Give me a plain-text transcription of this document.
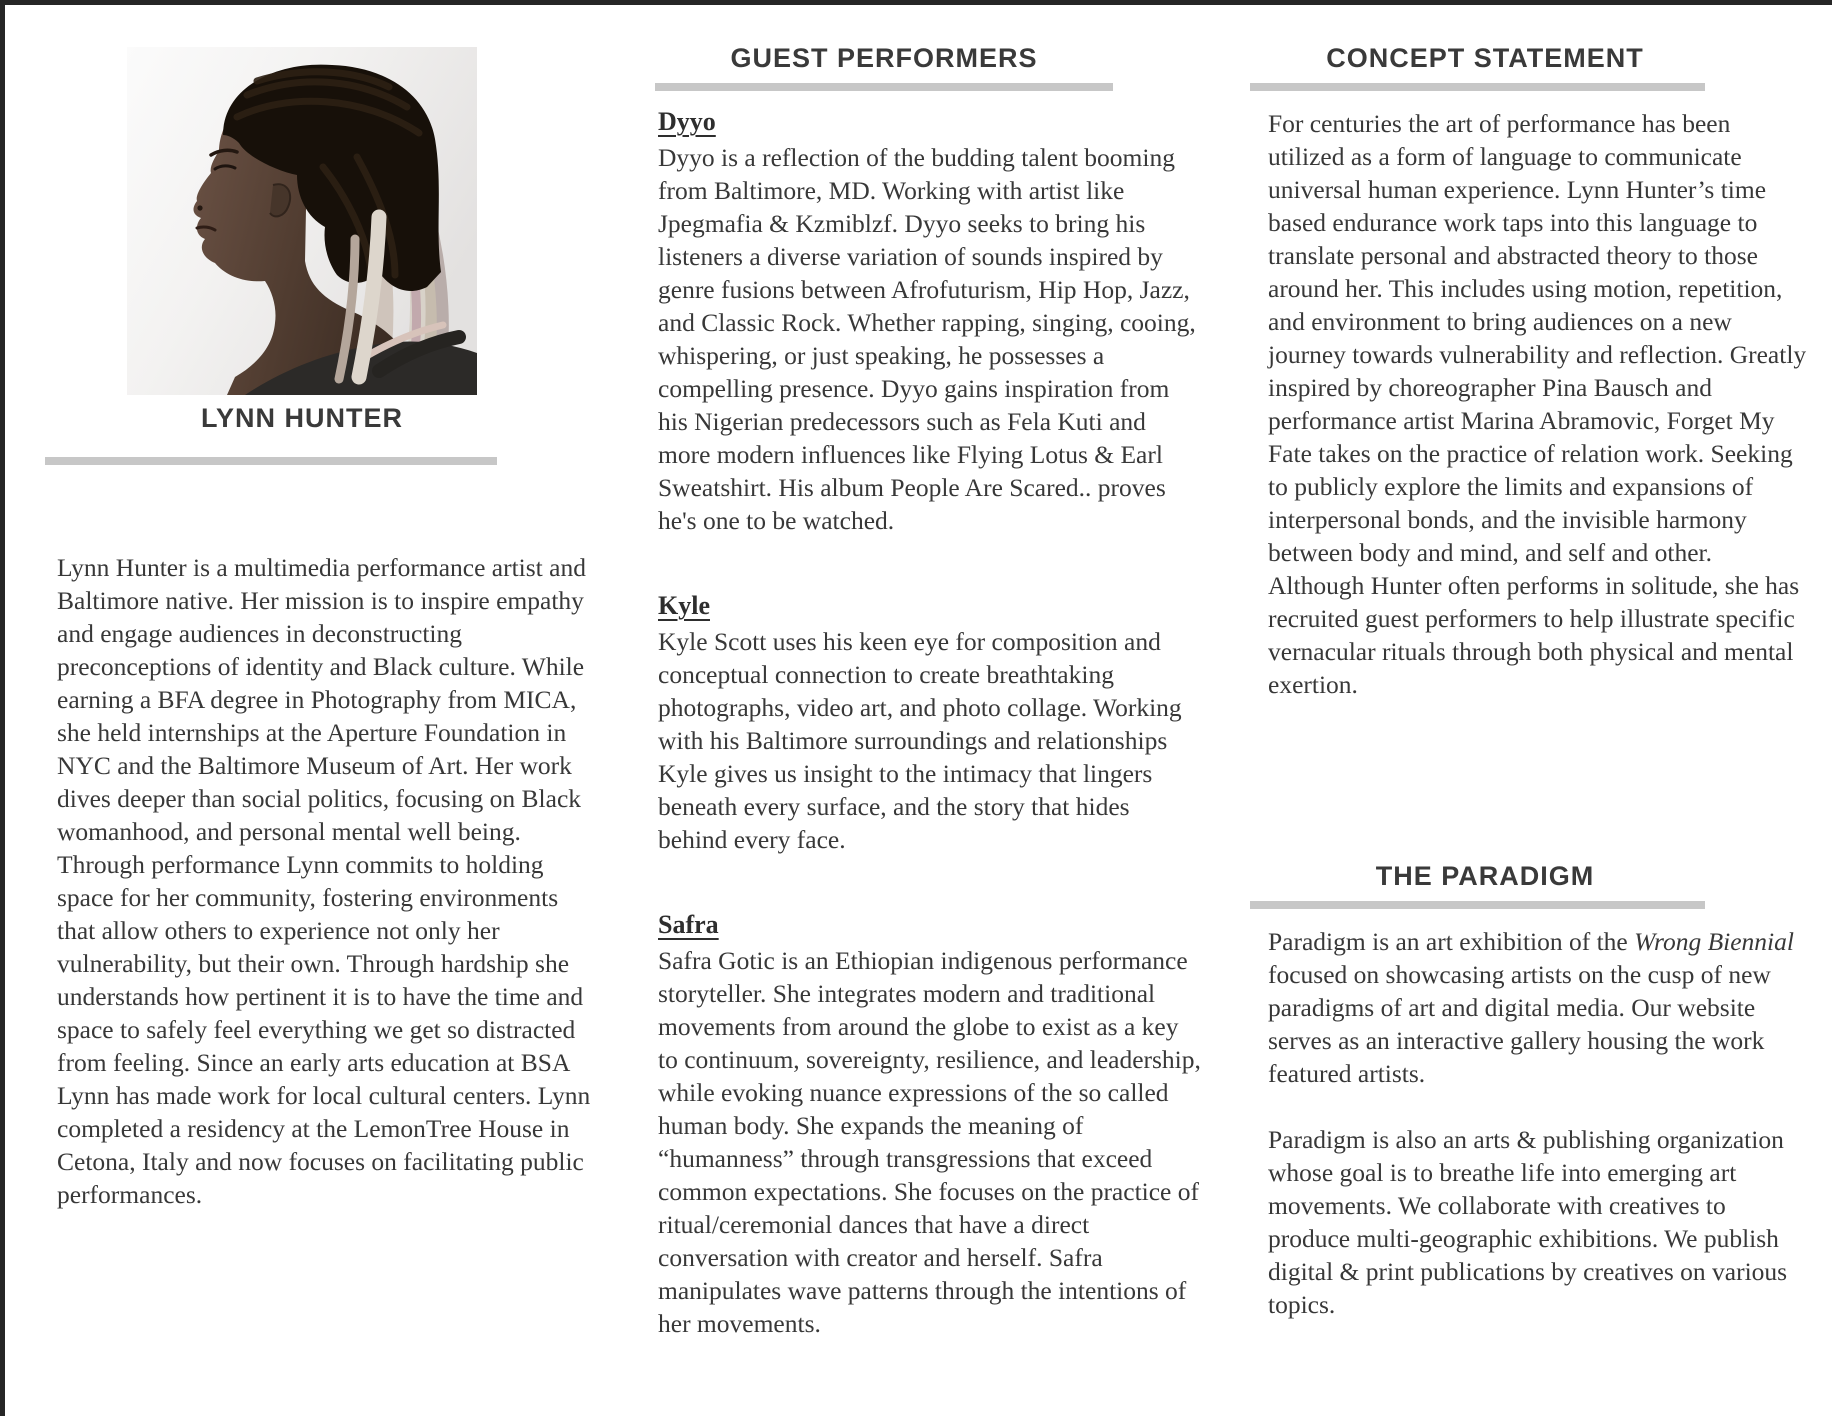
LYNN HUNTER
Lynn Hunter is a multimedia performance artist and Baltimore native. Her mission is to inspire empathy and engage audiences in deconstructing preconceptions of identity and Black culture. While earning a BFA degree in Photography from MICA, she held internships at the Aperture Foundation in NYC and the Baltimore Museum of Art. Her work dives deeper than social politics, focusing on Black womanhood, and personal mental well being. Through performance Lynn commits to holding space for her community, fostering environments that allow others to experience not only her vulnerability, but their own. Through hardship she understands how pertinent it is to have the time and space to safely feel everything we get so distracted from feeling. Since an early arts education at BSA Lynn has made work for local cultural centers. Lynn completed a residency at the LemonTree House in Cetona, Italy and now focuses on facilitating public performances.
GUEST PERFORMERS

Dyyo

Dyyo is a reflection of the budding talent booming from Baltimore, MD. Working with artist like Jpegmafia & Kzmiblzf. Dyyo seeks to bring his listeners a diverse variation of sounds inspired by genre fusions between Afrofuturism, Hip Hop, Jazz, and Classic Rock. Whether rapping, singing, cooing, whispering, or just speaking, he possesses a compelling presence. Dyyo gains inspiration from his Nigerian predecessors such as Fela Kuti and more modern influences like Flying Lotus & Earl Sweatshirt. His album People Are Scared.. proves he's one to be watched.

Kyle

Kyle Scott uses his keen eye for composition and conceptual connection to create breathtaking photographs, video art, and photo collage. Working with his Baltimore surroundings and relationships Kyle gives us insight to the intimacy that lingers beneath every surface, and the story that hides behind every face.

Safra

Safra Gotic is an Ethiopian indigenous performance storyteller. She integrates modern and traditional movements from around the globe to exist as a key to continuum, sovereignty, resilience, and leadership, while evoking nuance expressions of the so called human body. She expands the meaning of “humanness” through transgressions that exceed common expectations. She focuses on the practice of ritual/ceremonial dances that have a direct conversation with creator and herself. Safra manipulates wave patterns through the intentions of her movements.

CONCEPT STATEMENT
For centuries the art of performance has been utilized as a form of language to communicate universal human experience. Lynn Hunter’s time based endurance work taps into this language to translate personal and abstracted theory to those around her. This includes using motion, repetition, and environment to bring audiences on a new journey towards vulnerability and reflection. Greatly inspired by choreographer Pina Bausch and performance artist Marina Abramovic, Forget My Fate takes on the practice of relation work. Seeking to publicly explore the limits and expansions of interpersonal bonds, and the invisible harmony between body and mind, and self and other. Although Hunter often performs in solitude, she has recruited guest performers to help illustrate specific vernacular rituals through both physical and mental exertion.
THE PARADIGM

Paradigm is an art exhibition of the Wrong Biennial focused on showcasing artists on the cusp of new paradigms of art and digital media. Our website serves as an interactive gallery housing the work featured artists.

Paradigm is also an arts & publishing organization whose goal is to breathe life into emerging art movements. We collaborate with creatives to produce multi-geographic exhibitions. We publish digital & print publications by creatives on various topics.
